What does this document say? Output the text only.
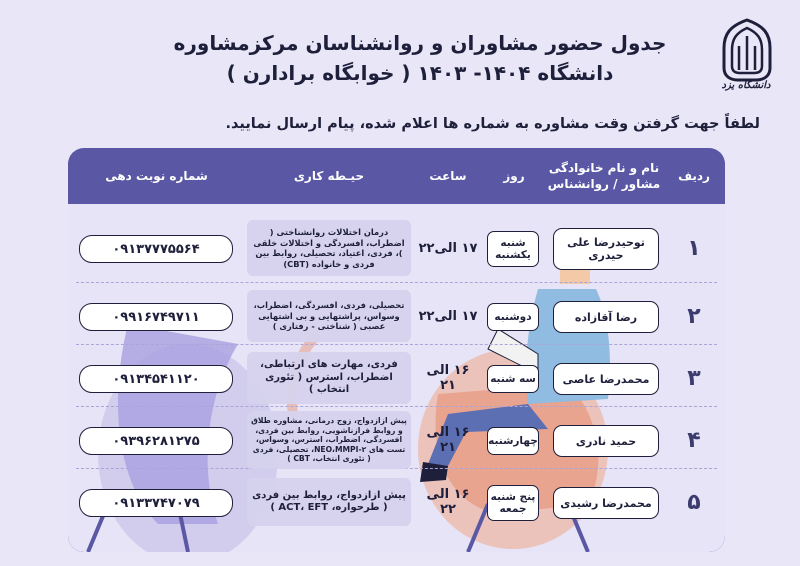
دانشگاه یزد
جدول حضور مشاوران و روانشناسان مرکزمشاوره
دانشگاه ۱۴۰۴- ۱۴۰۳ ( خوابگاه برادارن )
لطفاً جهت گرفتن وقت مشاوره به شماره ها اعلام شده، پیام ارسال نمایید.
ردیف
نام و نام خانوادگی
مشاور / روانشناس
روز
ساعت
حیـطه کاری
شماره نوبت دهی
۱
توحیدرضا علی حیدری
شنبه یکشنبه
۱۷ الی۲۲
درمان اختلالات روانشناختی ( اضطراب، افسردگی و اختلالات خلقی )، فردی، اعتیاد، تحصیلی، روابط بین فردی و خانواده (CBT)
۰۹۱۳۷۷۷۵۵۶۴
۲
رضا آقازاده
دوشنبه
۱۷ الی۲۲
تحصیلی، فردی، افسردگی، اضطراب، وسواس، پراشتهایی و بی اشتهایی عصبی ( شناختی - رفتاری )
۰۹۹۱۶۷۴۹۷۱۱
۳
محمدرضا عاصی
سه شنبه
۱۶ الی ۲۱
فردی، مهارت های ارتباطی، اضطراب، استرس ( تئوری انتخاب )
۰۹۱۳۴۵۴۱۱۲۰
۴
حمید نادری
چهارشنبه
۱۶ الی ۲۱
پیش ازازدواج، زوج درمانی، مشاوره طلاق و روابط فرازناشویی، روابط بین فردی، افسردگی، اضطراب، استرس، وسواس، تست های NEO،MMPI-۲، تحصیلی، فردی ( تئوری انتخاب، CBT )
۰۹۳۹۶۲۸۱۲۷۵
۵
محمدرضا رشیدی
پنج شنبه جمعه
۱۶ الی ۲۲
پیش ازازدواج، روابط بین فردی ( طرحواره، ACT، EFT )
۰۹۱۳۳۷۴۷۰۷۹
